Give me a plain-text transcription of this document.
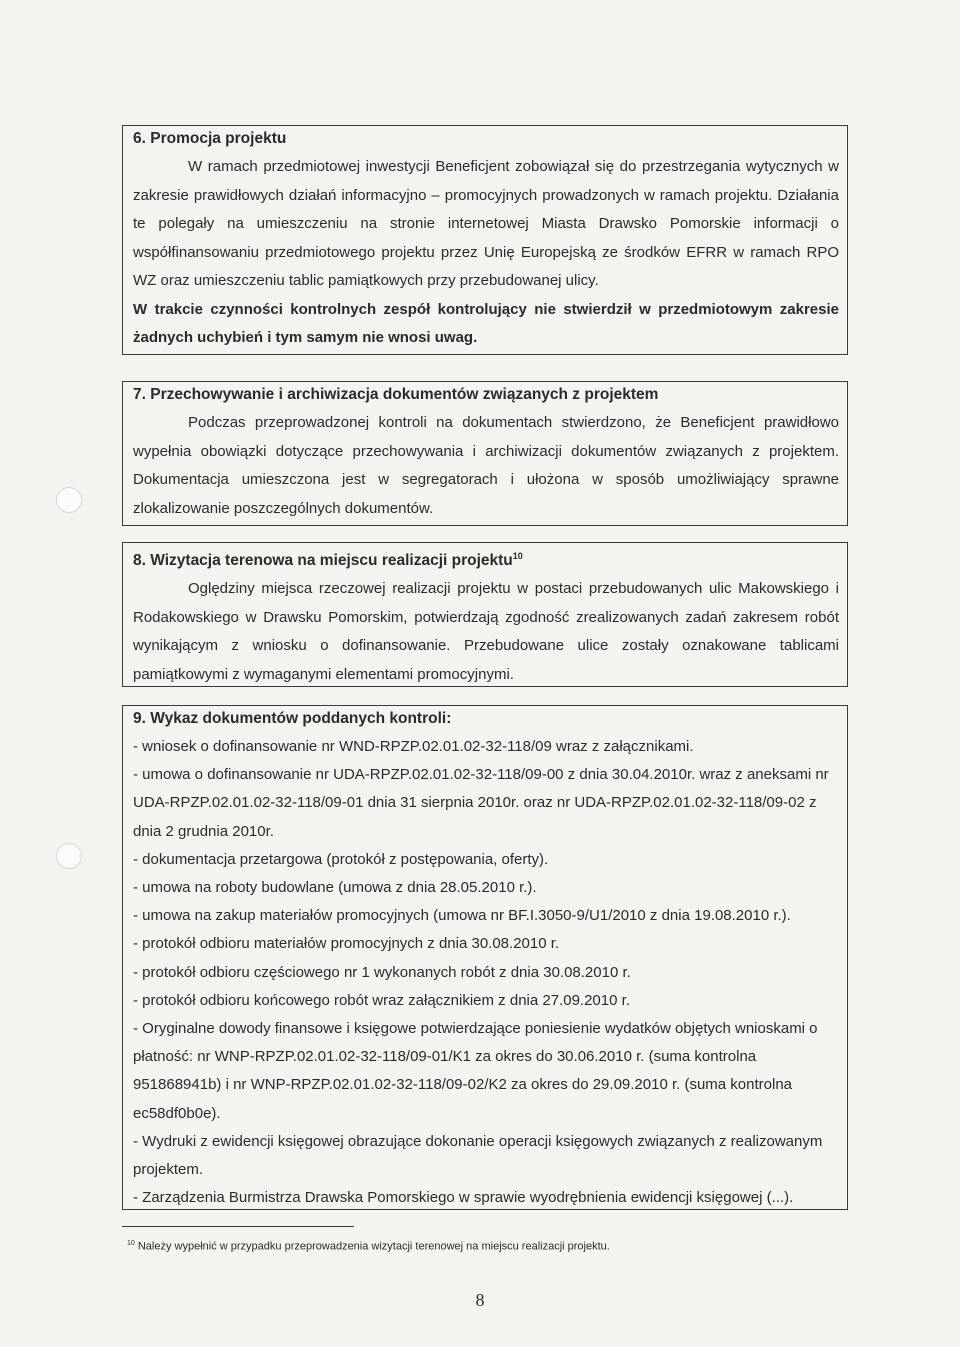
6. Promocja projektu

W ramach przedmiotowej inwestycji Beneficjent zobowiązał się do przestrzegania wytycznych w zakresie prawidłowych działań informacyjno – promocyjnych prowadzonych w ramach projektu. Działania te polegały na umieszczeniu na stronie internetowej Miasta Drawsko Pomorskie informacji o współfinansowaniu przedmiotowego projektu przez Unię Europejską ze środków EFRR w ramach RPO WZ oraz umieszczeniu tablic pamiątkowych przy przebudowanej ulicy.

W trakcie czynności kontrolnych zespół kontrolujący nie stwierdził w przedmiotowym zakresie żadnych uchybień i tym samym nie wnosi uwag.

7. Przechowywanie i archiwizacja dokumentów związanych z projektem

Podczas przeprowadzonej kontroli na dokumentach stwierdzono, że Beneficjent prawidłowo wypełnia obowiązki dotyczące przechowywania i archiwizacji dokumentów związanych z projektem. Dokumentacja umieszczona jest w segregatorach i ułożona w sposób umożliwiający sprawne zlokalizowanie poszczególnych dokumentów.

8. Wizytacja terenowa na miejscu realizacji projektu$^{10}$

Oględziny miejsca rzeczowej realizacji projektu w postaci przebudowanych ulic Makowskiego i Rodakowskiego w Drawsku Pomorskim, potwierdzają zgodność zrealizowanych zadań zakresem robót wynikającym z wniosku o dofinansowanie. Przebudowane ulice zostały oznakowane tablicami pamiątkowymi z wymaganymi elementami promocyjnymi.

9. Wykaz dokumentów poddanych kontroli:
- wniosek o dofinansowanie nr WND-RPZP.02.01.02-32-118/09 wraz z załącznikami.
- umowa o dofinansowanie nr UDA-RPZP.02.01.02-32-118/09-00 z dnia 30.04.2010r. wraz z aneksami nr UDA-RPZP.02.01.02-32-118/09-01 dnia 31 sierpnia 2010r. oraz nr UDA-RPZP.02.01.02-32-118/09-02 z dnia 2 grudnia 2010r.
- dokumentacja przetargowa (protokół z postępowania, oferty).
- umowa na roboty budowlane (umowa z dnia 28.05.2010 r.).
- umowa na zakup materiałów promocyjnych (umowa nr BF.I.3050-9/U1/2010 z dnia 19.08.2010 r.).
- protokół odbioru materiałów promocyjnych z dnia 30.08.2010 r.
- protokół odbioru częściowego nr 1 wykonanych robót z dnia 30.08.2010 r.
- protokół odbioru końcowego robót wraz załącznikiem z dnia 27.09.2010 r.
- Oryginalne dowody finansowe i księgowe potwierdzające poniesienie wydatków objętych wnioskami o płatność: nr WNP-RPZP.02.01.02-32-118/09-01/K1 za okres do 30.06.2010 r. (suma kontrolna 951868941b) i nr WNP-RPZP.02.01.02-32-118/09-02/K2 za okres do 29.09.2010 r. (suma kontrolna ec58df0b0e).
- Wydruki z ewidencji księgowej obrazujące dokonanie operacji księgowych związanych z realizowanym projektem.
- Zarządzenia Burmistrza Drawska Pomorskiego w sprawie wyodrębnienia ewidencji księgowej (...).
$^{10}$ Należy wypełnić w przypadku przeprowadzenia wizytacji terenowej na miejscu realizacji projektu.
8
